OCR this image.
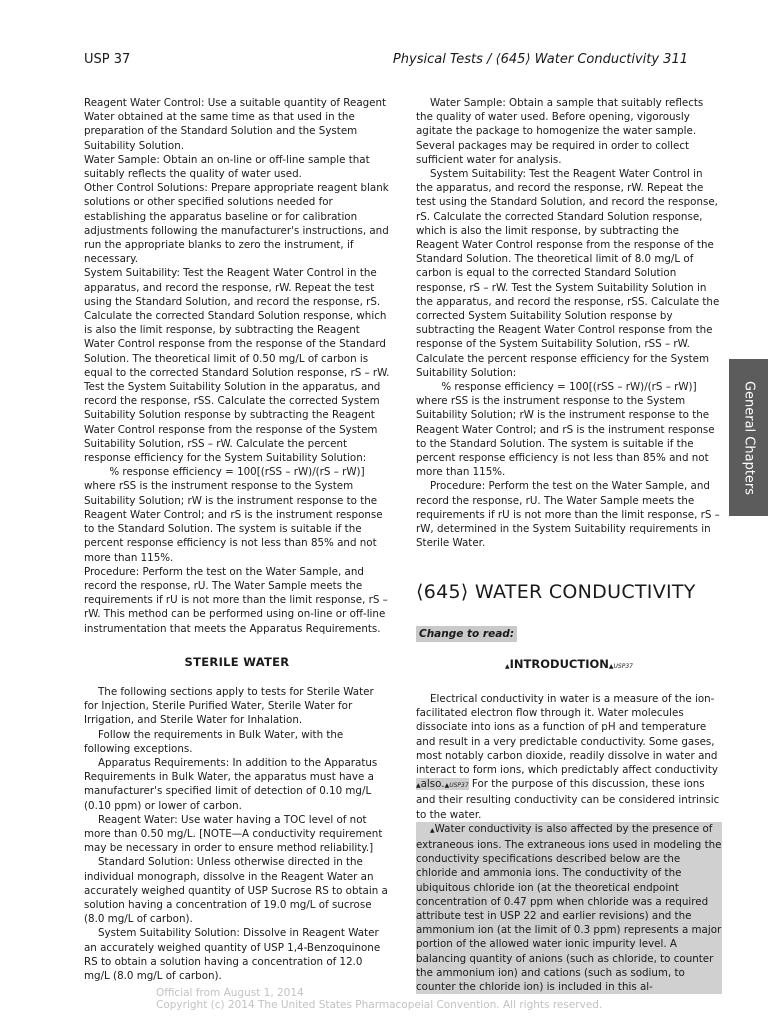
USP 37	Physical Tests / ⟨645⟩ Water Conductivity 311

Reagent Water Control: Use a suitable quantity of Reagent Water obtained at the same time as that used in the preparation of the Standard Solution and the System Suitability Solution.

Water Sample: Obtain an on-line or off-line sample that suitably reflects the quality of water used.

Other Control Solutions: Prepare appropriate reagent blank solutions or other specified solutions needed for establishing the apparatus baseline or for calibration adjustments following the manufacturer's instructions, and run the appropriate blanks to zero the instrument, if necessary.

System Suitability: Test the Reagent Water Control in the apparatus, and record the response, rW. Repeat the test using the Standard Solution, and record the response, rS. Calculate the corrected Standard Solution response, which is also the limit response, by subtracting the Reagent Water Control response from the response of the Standard Solution. The theoretical limit of 0.50 mg/L of carbon is equal to the corrected Standard Solution response, rS – rW. Test the System Suitability Solution in the apparatus, and record the response, rSS. Calculate the corrected System Suitability Solution response by subtracting the Reagent Water Control response from the response of the System Suitability Solution, rSS – rW. Calculate the percent response efficiency for the System Suitability Solution:

% response efficiency = 100[(rSS – rW)/(rS – rW)]

where rSS is the instrument response to the System Suitability Solution; rW is the instrument response to the Reagent Water Control; and rS is the instrument response to the Standard Solution. The system is suitable if the percent response efficiency is not less than 85% and not more than 115%.

Procedure: Perform the test on the Water Sample, and record the response, rU. The Water Sample meets the requirements if rU is not more than the limit response, rS – rW. This method can be performed using on-line or off-line instrumentation that meets the Apparatus Requirements.

STERILE WATER

The following sections apply to tests for Sterile Water for Injection, Sterile Purified Water, Sterile Water for Irrigation, and Sterile Water for Inhalation.

Follow the requirements in Bulk Water, with the following exceptions.

Apparatus Requirements: In addition to the Apparatus Requirements in Bulk Water, the apparatus must have a manufacturer's specified limit of detection of 0.10 mg/L (0.10 ppm) or lower of carbon.

Reagent Water: Use water having a TOC level of not more than 0.50 mg/L. [NOTE—A conductivity requirement may be necessary in order to ensure method reliability.]

Standard Solution: Unless otherwise directed in the individual monograph, dissolve in the Reagent Water an accurately weighed quantity of USP Sucrose RS to obtain a solution having a concentration of 19.0 mg/L of sucrose (8.0 mg/L of carbon).

System Suitability Solution: Dissolve in Reagent Water an accurately weighed quantity of USP 1,4-Benzoquinone RS to obtain a solution having a concentration of 12.0 mg/L (8.0 mg/L of carbon).

Water Sample: Obtain a sample that suitably reflects the quality of water used. Before opening, vigorously agitate the package to homogenize the water sample. Several packages may be required in order to collect sufficient water for analysis.

System Suitability: Test the Reagent Water Control in the apparatus, and record the response, rW. Repeat the test using the Standard Solution, and record the response, rS. Calculate the corrected Standard Solution response, which is also the limit response, by subtracting the Reagent Water Control response from the response of the Standard Solution. The theoretical limit of 8.0 mg/L of carbon is equal to the corrected Standard Solution response, rS – rW. Test the System Suitability Solution in the apparatus, and record the response, rSS. Calculate the corrected System Suitability Solution response by subtracting the Reagent Water Control response from the response of the System Suitability Solution, rSS – rW. Calculate the percent response efficiency for the System Suitability Solution:

% response efficiency = 100[(rSS – rW)/(rS – rW)]

where rSS is the instrument response to the System Suitability Solution; rW is the instrument response to the Reagent Water Control; and rS is the instrument response to the Standard Solution. The system is suitable if the percent response efficiency is not less than 85% and not more than 115%.

Procedure: Perform the test on the Water Sample, and record the response, rU. The Water Sample meets the requirements if rU is not more than the limit response, rS – rW, determined in the System Suitability requirements in Sterile Water.

⟨645⟩ WATER CONDUCTIVITY
Change to read:
▲INTRODUCTION▲USP37

Electrical conductivity in water is a measure of the ion-facilitated electron flow through it. Water molecules dissociate into ions as a function of pH and temperature and result in a very predictable conductivity. Some gases, most notably carbon dioxide, readily dissolve in water and interact to form ions, which predictably affect conductivity ▲also.▲USP37 For the purpose of this discussion, these ions and their resulting conductivity can be considered intrinsic to the water.

▲Water conductivity is also affected by the presence of extraneous ions. The extraneous ions used in modeling the conductivity specifications described below are the chloride and ammonia ions. The conductivity of the ubiquitous chloride ion (at the theoretical endpoint concentration of 0.47 ppm when chloride was a required attribute test in USP 22 and earlier revisions) and the ammonium ion (at the limit of 0.3 ppm) represents a major portion of the allowed water ionic impurity level. A balancing quantity of anions (such as chloride, to counter the ammonium ion) and cations (such as sodium, to counter the chloride ion) is included in this al-

General Chapters
Official from August 1, 2014
Copyright (c) 2014 The United States Pharmacopeial Convention. All rights reserved.
